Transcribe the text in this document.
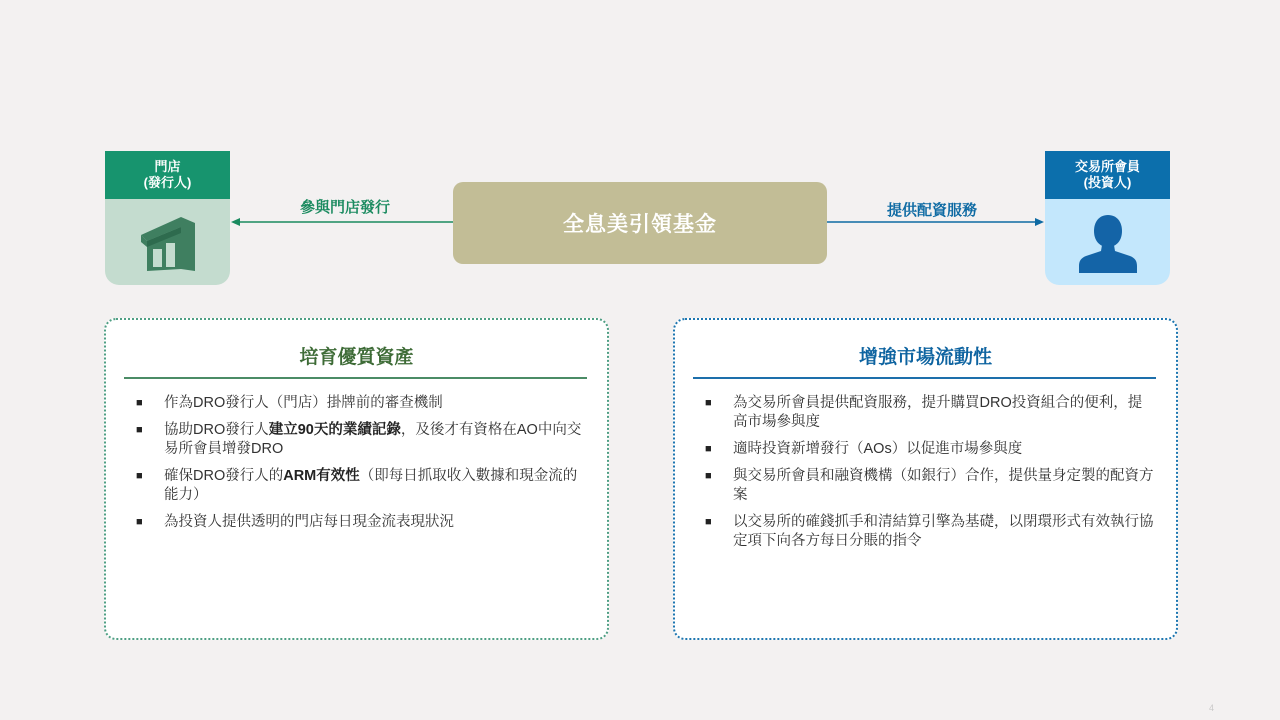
門店
(發行人)
交易所會員
(投資人)
全息美引領基金
參與門店發行	提供配資服務
培育優質資產
■ 作為DRO發行人（門店）掛牌前的審查機制
■ 協助DRO發行人建立90天的業績記錄，及後才有資格在AO中向交易所會員增發DRO
■ 確保DRO發行人的ARM有效性（即每日抓取收入數據和現金流的能力）
■ 為投資人提供透明的門店每日現金流表現狀況
增強市場流動性
■ 為交易所會員提供配資服務，提升購買DRO投資組合的便利，提高市場參與度
■ 適時投資新增發行（AOs）以促進市場參與度
■ 與交易所會員和融資機構（如銀行）合作，提供量身定製的配資方案
■ 以交易所的確錢抓手和清結算引擎為基礎，以閉環形式有效執行協定項下向各方每日分賬的指令
4
